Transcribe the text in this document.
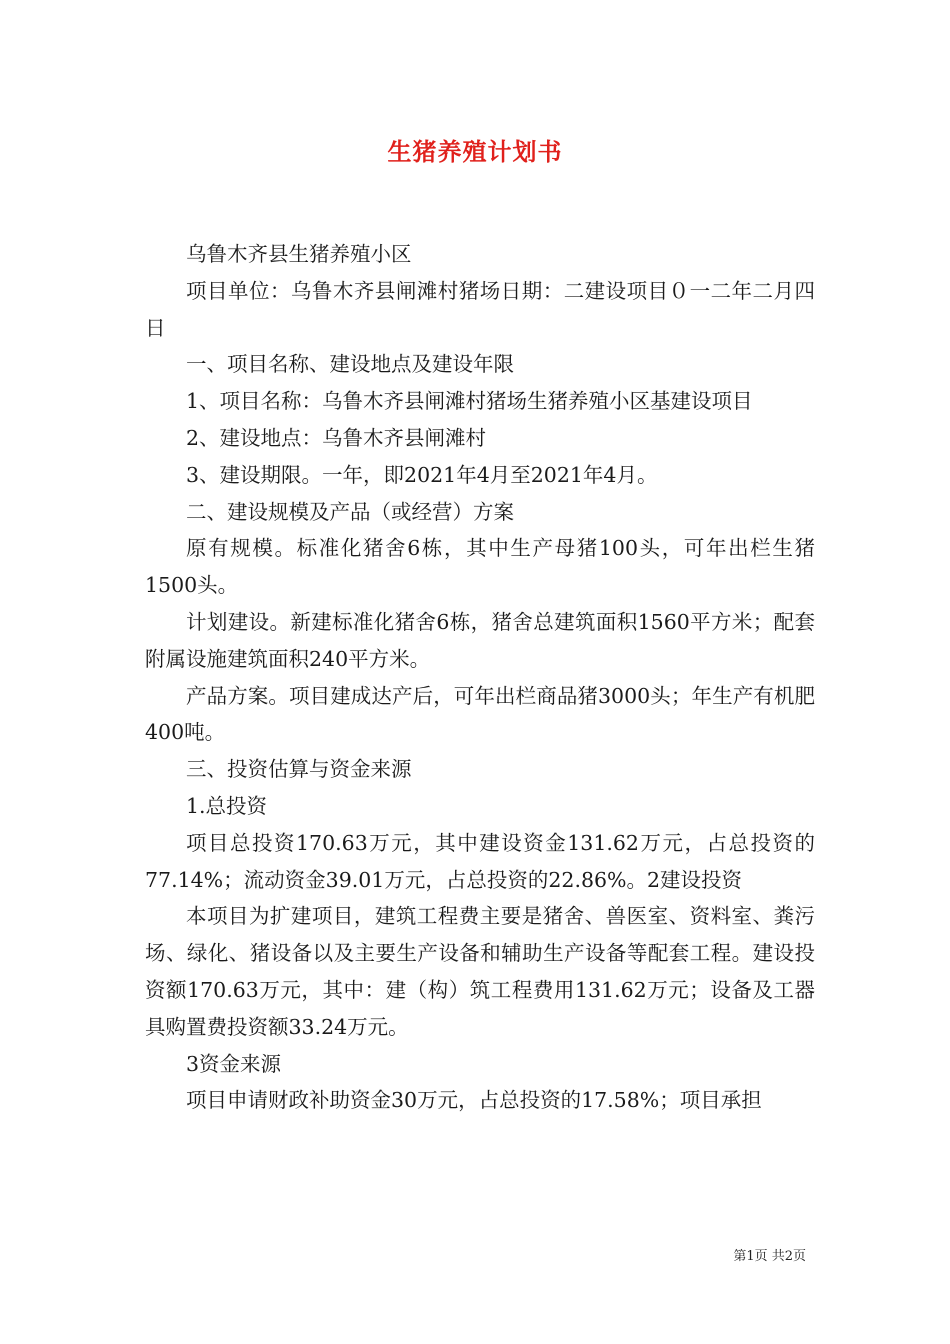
生猪养殖计划书

乌鲁木齐县生猪养殖小区

项目单位：乌鲁木齐县闸滩村猪场日期：二建设项目０一二年二月四日

一、项目名称、建设地点及建设年限

1、项目名称：乌鲁木齐县闸滩村猪场生猪养殖小区基建设项目

2、建设地点：乌鲁木齐县闸滩村

3、建设期限。一年，即2021年4月至2021年4月。

二、建设规模及产品（或经营）方案

原有规模。标准化猪舍6栋，其中生产母猪100头，可年出栏生猪1500头。

计划建设。新建标准化猪舍6栋，猪舍总建筑面积1560平方米；配套附属设施建筑面积240平方米。

产品方案。项目建成达产后，可年出栏商品猪3000头；年生产有机肥400吨。

三、投资估算与资金来源

1.总投资

项目总投资170.63万元，其中建设资金131.62万元，占总投资的77.14%；流动资金39.01万元，占总投资的22.86%。2建设投资

本项目为扩建项目，建筑工程费主要是猪舍、兽医室、资料室、粪污场、绿化、猪设备以及主要生产设备和辅助生产设备等配套工程。建设投资额170.63万元，其中：建（构）筑工程费用131.62万元；设备及工器具购置费投资额33.24万元。

3资金来源

项目申请财政补助资金30万元，占总投资的17.58%；项目承担

第1页 共2页
